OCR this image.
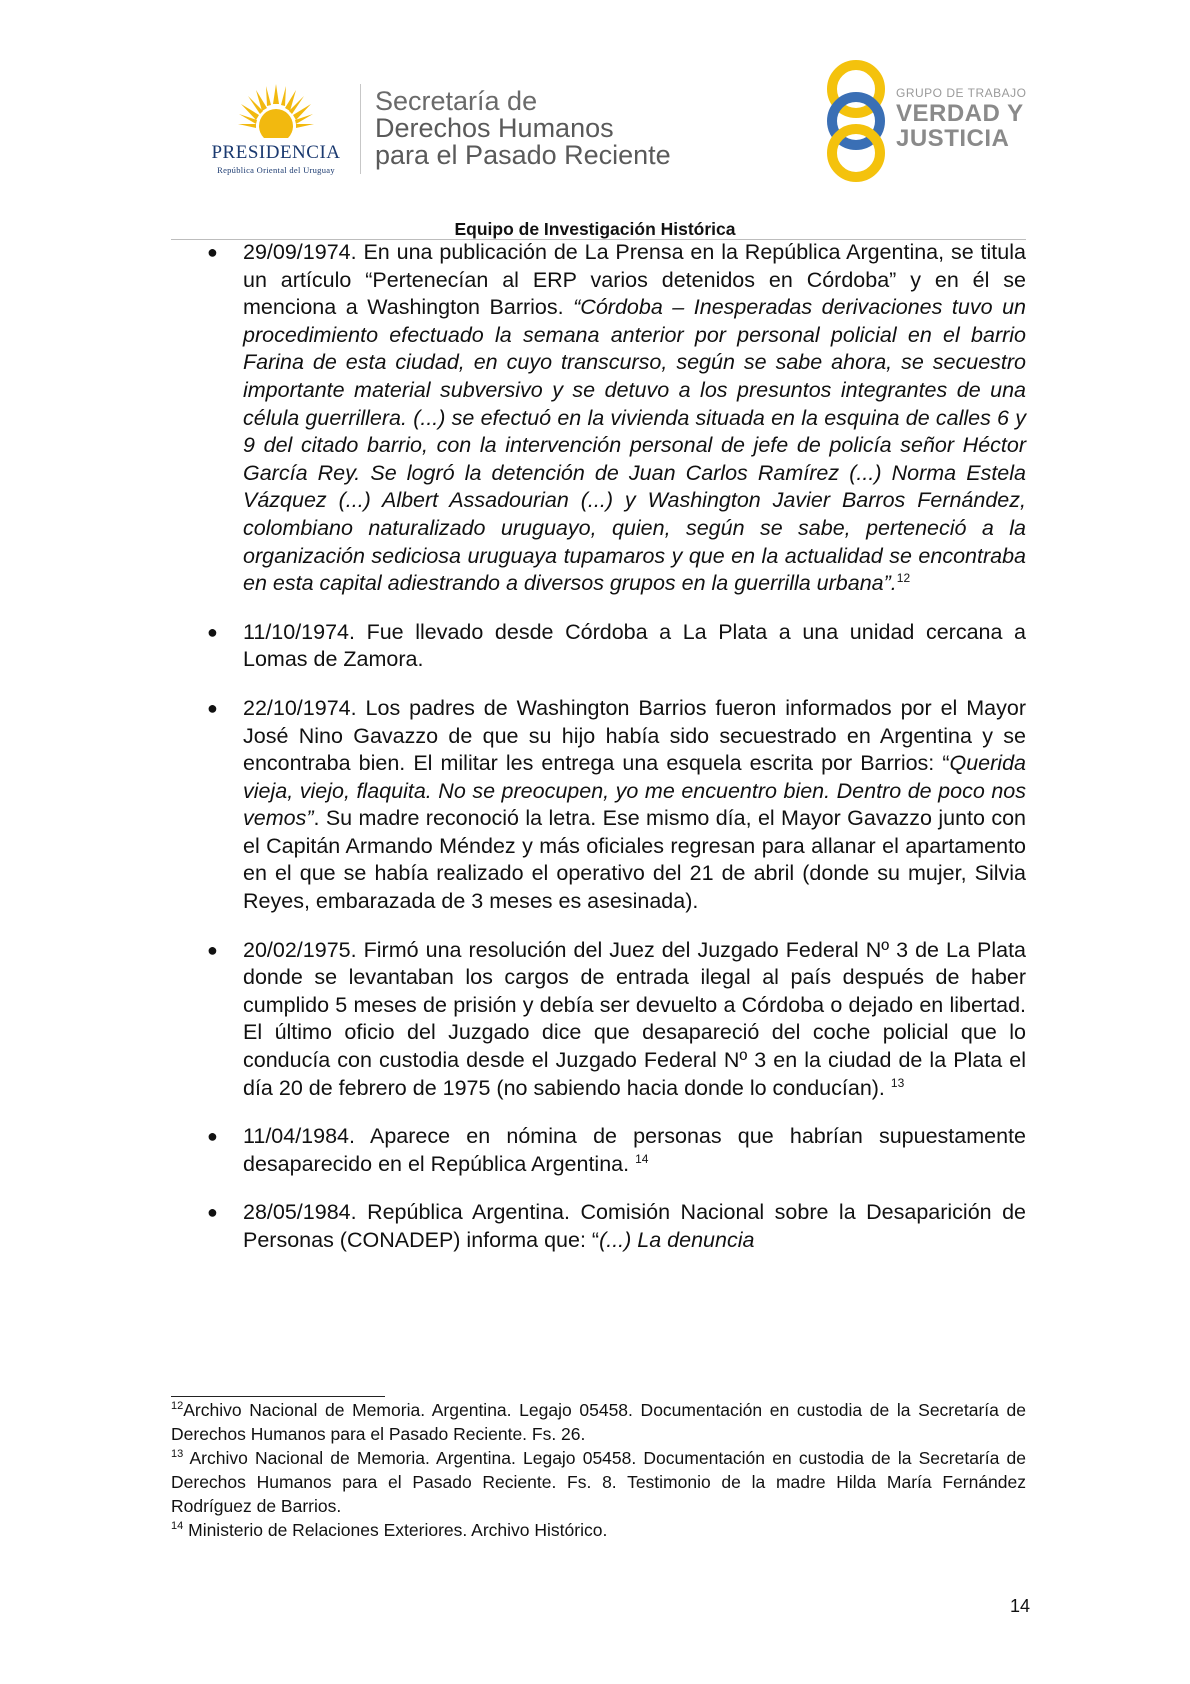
PRESIDENCIA
República Oriental del Uruguay
Secretaría de
Derechos Humanos
para el Pasado Reciente
GRUPO DE TRABAJO
VERDAD Y
JUSTICIA
Equipo de Investigación Histórica
● 29/09/1974. En una publicación de La Prensa en la República Argentina, se titula un artículo “Pertenecían al ERP varios detenidos en Córdoba” y en él se menciona a Washington Barrios. “Córdoba – Inesperadas derivaciones tuvo un procedimiento efectuado la semana anterior por personal policial en el barrio Farina de esta ciudad, en cuyo transcurso, según se sabe ahora, se secuestro importante material subversivo y se detuvo a los presuntos integrantes de una célula guerrillera. (...) se efectuó en la vivienda situada en la esquina de calles 6 y 9 del citado barrio, con la intervención personal de jefe de policía señor Héctor García Rey. Se logró la detención de Juan Carlos Ramírez (...) Norma Estela Vázquez (...) Albert Assadourian (...) y Washington Javier Barros Fernández, colombiano naturalizado uruguayo, quien, según se sabe, perteneció a la organización sediciosa uruguaya tupamaros y que en la actualidad se encontraba en esta capital adiestrando a diversos grupos en la guerrilla urbana”.$^{12}$
● 11/10/1974. Fue llevado desde Córdoba a La Plata a una unidad cercana a Lomas de Zamora.
● 22/10/1974. Los padres de Washington Barrios fueron informados por el Mayor José Nino Gavazzo de que su hijo había sido secuestrado en Argentina y se encontraba bien. El militar les entrega una esquela escrita por Barrios: “Querida vieja, viejo, flaquita. No se preocupen, yo me encuentro bien. Dentro de poco nos vemos”. Su madre reconoció la letra. Ese mismo día, el Mayor Gavazzo junto con el Capitán Armando Méndez y más oficiales regresan para allanar el apartamento en el que se había realizado el operativo del 21 de abril (donde su mujer, Silvia Reyes, embarazada de 3 meses es asesinada).
● 20/02/1975. Firmó una resolución del Juez del Juzgado Federal Nº 3 de La Plata donde se levantaban los cargos de entrada ilegal al país después de haber cumplido 5 meses de prisión y debía ser devuelto a Córdoba o dejado en libertad. El último oficio del Juzgado dice que desapareció del coche policial que lo conducía con custodia desde el Juzgado Federal Nº 3 en la ciudad de la Plata el día 20 de febrero de 1975 (no sabiendo hacia donde lo conducían). $^{13}$
● 11/04/1984. Aparece en nómina de personas que habrían supuestamente desaparecido en el República Argentina. $^{14}$
● 28/05/1984. República Argentina. Comisión Nacional sobre la Desaparición de Personas (CONADEP) informa que: “(...) La denuncia
$^{12}$Archivo Nacional de Memoria. Argentina. Legajo 05458. Documentación en custodia de la Secretaría de Derechos Humanos para el Pasado Reciente. Fs. 26.
$^{13}$ Archivo Nacional de Memoria. Argentina. Legajo 05458. Documentación en custodia de la Secretaría de Derechos Humanos para el Pasado Reciente. Fs. 8. Testimonio de la madre Hilda María Fernández Rodríguez de Barrios.
$^{14}$ Ministerio de Relaciones Exteriores. Archivo Histórico.
14
